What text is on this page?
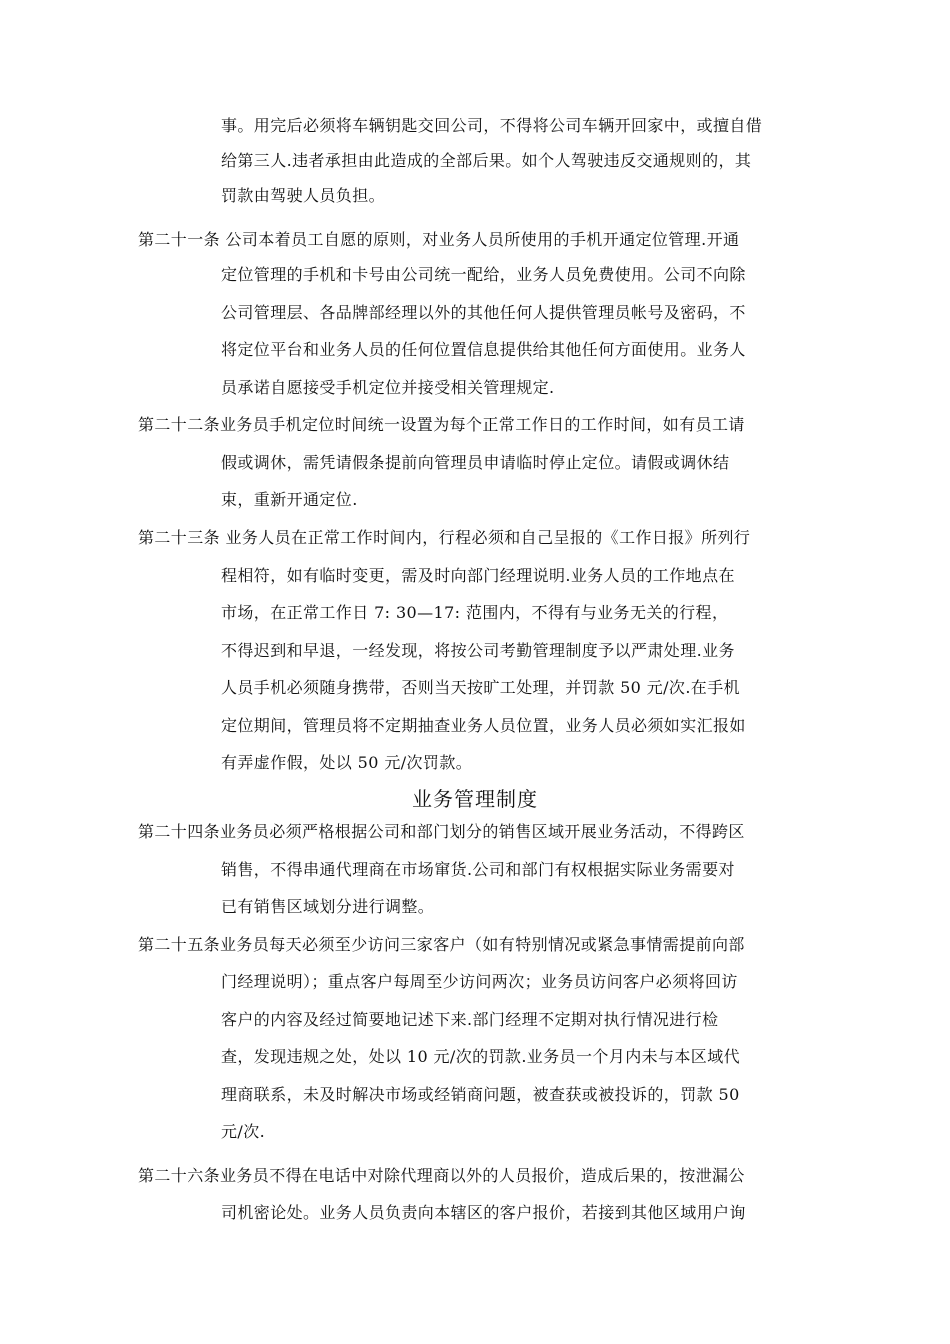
事。用完后必须将车辆钥匙交回公司，不得将公司车辆开回家中，或擅自借
给第三人.违者承担由此造成的全部后果。如个人驾驶违反交通规则的，其
罚款由驾驶人员负担。
第二十一条 公司本着员工自愿的原则，对业务人员所使用的手机开通定位管理.开通
定位管理的手机和卡号由公司统一配给，业务人员免费使用。公司不向除
公司管理层、各品牌部经理以外的其他任何人提供管理员帐号及密码，不
将定位平台和业务人员的任何位置信息提供给其他任何方面使用。业务人
员承诺自愿接受手机定位并接受相关管理规定.
第二十二条业务员手机定位时间统一设置为每个正常工作日的工作时间，如有员工请
假或调休，需凭请假条提前向管理员申请临时停止定位。请假或调休结
束，重新开通定位.
第二十三条 业务人员在正常工作时间内，行程必须和自己呈报的《工作日报》所列行
程相符，如有临时变更，需及时向部门经理说明.业务人员的工作地点在
市场，在正常工作日 7: 30—17: 范围内，不得有与业务无关的行程，
不得迟到和早退，一经发现，将按公司考勤管理制度予以严肃处理.业务
人员手机必须随身携带，否则当天按旷工处理，并罚款 50 元/次.在手机
定位期间，管理员将不定期抽查业务人员位置，业务人员必须如实汇报如
有弄虚作假，处以 50 元/次罚款。
业务管理制度
第二十四条业务员必须严格根据公司和部门划分的销售区域开展业务活动，不得跨区
销售，不得串通代理商在市场窜货.公司和部门有权根据实际业务需要对
已有销售区域划分进行调整。
第二十五条业务员每天必须至少访问三家客户（如有特别情况或紧急事情需提前向部
门经理说明）；重点客户每周至少访问两次；业务员访问客户必须将回访
客户的内容及经过简要地记述下来.部门经理不定期对执行情况进行检
查，发现违规之处，处以 10 元/次的罚款.业务员一个月内未与本区域代
理商联系，未及时解决市场或经销商问题，被查获或被投诉的，罚款 50
元/次.
第二十六条业务员不得在电话中对除代理商以外的人员报价，造成后果的，按泄漏公
司机密论处。业务人员负责向本辖区的客户报价，若接到其他区域用户询
